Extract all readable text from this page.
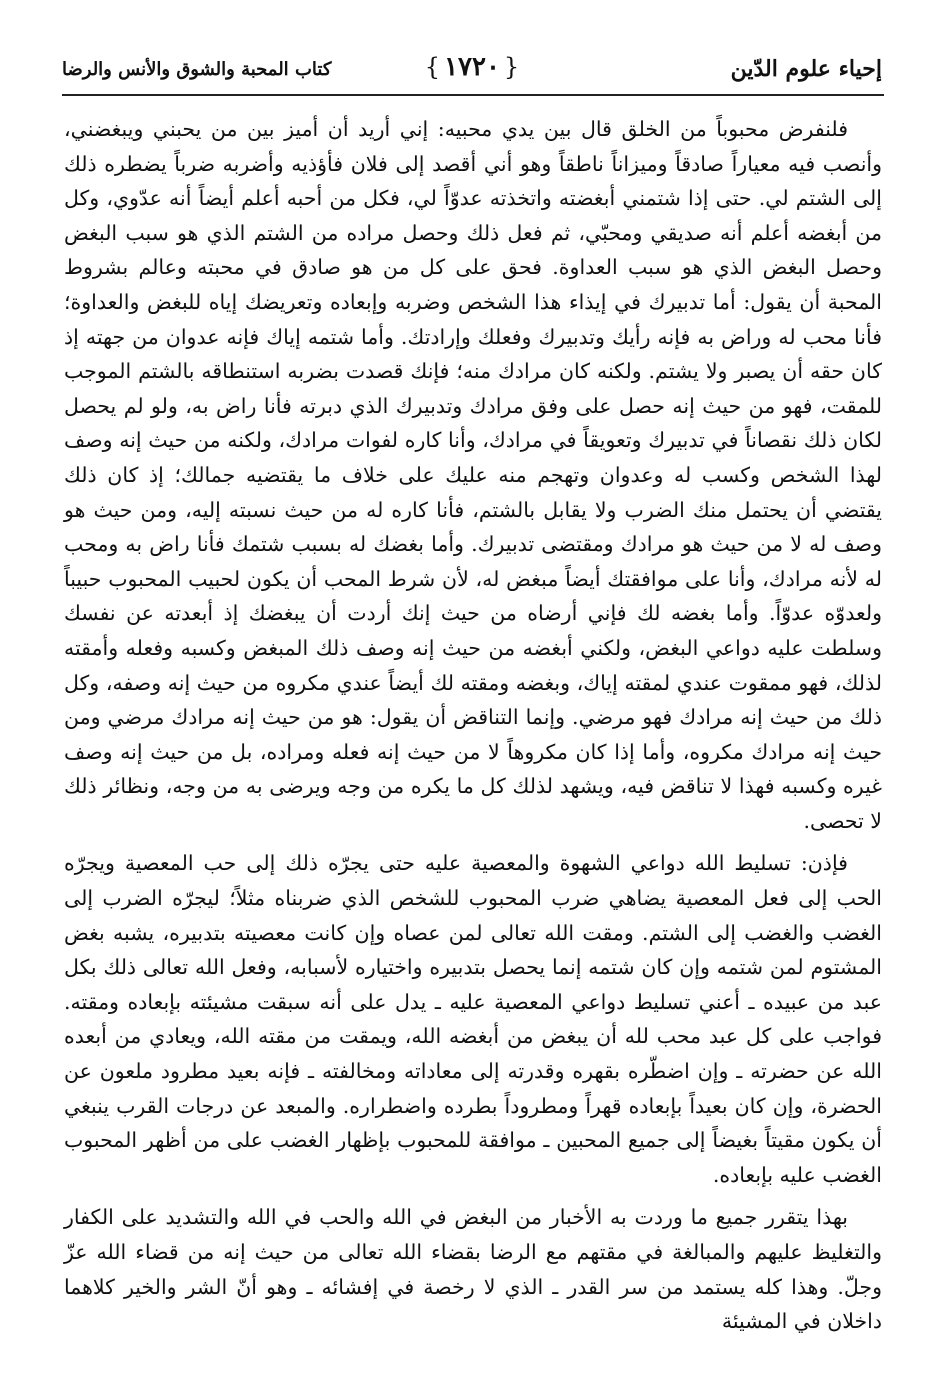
إحياء علوم الدّين
{ ١٧٢٠ }
كتاب المحبة والشوق والأنس والرضا

فلنفرض محبوباً من الخلق قال بين يدي محبيه: إني أريد أن أميز بين من يحبني ويبغضني، وأنصب فيه معياراً صادقاً وميزاناً ناطقاً وهو أني أقصد إلى فلان فأؤذيه وأضربه ضرباً يضطره ذلك إلى الشتم لي. حتى إذا شتمني أبغضته واتخذته عدوّاً لي، فكل من أحبه أعلم أيضاً أنه عدّوي، وكل من أبغضه أعلم أنه صديقي ومحبّي، ثم فعل ذلك وحصل مراده من الشتم الذي هو سبب البغض وحصل البغض الذي هو سبب العداوة. فحق على كل من هو صادق في محبته وعالم بشروط المحبة أن يقول: أما تدبيرك في إيذاء هذا الشخص وضربه وإبعاده وتعريضك إياه للبغض والعداوة؛ فأنا محب له وراض به فإنه رأيك وتدبيرك وفعلك وإرادتك. وأما شتمه إياك فإنه عدوان من جهته إذ كان حقه أن يصبر ولا يشتم. ولكنه كان مرادك منه؛ فإنك قصدت بضربه استنطاقه بالشتم الموجب للمقت، فهو من حيث إنه حصل على وفق مرادك وتدبيرك الذي دبرته فأنا راض به، ولو لم يحصل لكان ذلك نقصاناً في تدبيرك وتعويقاً في مرادك، وأنا كاره لفوات مرادك، ولكنه من حيث إنه وصف لهذا الشخص وكسب له وعدوان وتهجم منه عليك على خلاف ما يقتضيه جمالك؛ إذ كان ذلك يقتضي أن يحتمل منك الضرب ولا يقابل بالشتم، فأنا كاره له من حيث نسبته إليه، ومن حيث هو وصف له لا من حيث هو مرادك ومقتضى تدبيرك. وأما بغضك له بسبب شتمك فأنا راض به ومحب له لأنه مرادك، وأنا على موافقتك أيضاً مبغض له، لأن شرط المحب أن يكون لحبيب المحبوب حبيباً ولعدوّه عدوّاً. وأما بغضه لك فإني أرضاه من حيث إنك أردت أن يبغضك إذ أبعدته عن نفسك وسلطت عليه دواعي البغض، ولكني أبغضه من حيث إنه وصف ذلك المبغض وكسبه وفعله وأمقته لذلك، فهو ممقوت عندي لمقته إياك، وبغضه ومقته لك أيضاً عندي مكروه من حيث إنه وصفه، وكل ذلك من حيث إنه مرادك فهو مرضي. وإنما التناقض أن يقول: هو من حيث إنه مرادك مرضي ومن حيث إنه مرادك مكروه، وأما إذا كان مكروهاً لا من حيث إنه فعله ومراده، بل من حيث إنه وصف غيره وكسبه فهذا لا تناقض فيه، ويشهد لذلك كل ما يكره من وجه ويرضى به من وجه، ونظائر ذلك لا تحصى.

فإذن: تسليط الله دواعي الشهوة والمعصية عليه حتى يجرّه ذلك إلى حب المعصية ويجرّه الحب إلى فعل المعصية يضاهي ضرب المحبوب للشخص الذي ضربناه مثلاً؛ ليجرّه الضرب إلى الغضب والغضب إلى الشتم. ومقت الله تعالى لمن عصاه وإن كانت معصيته بتدبيره، يشبه بغض المشتوم لمن شتمه وإن كان شتمه إنما يحصل بتدبيره واختياره لأسبابه، وفعل الله تعالى ذلك بكل عبد من عبيده ـ أعني تسليط دواعي المعصية عليه ـ يدل على أنه سبقت مشيئته بإبعاده ومقته. فواجب على كل عبد محب لله أن يبغض من أبغضه الله، ويمقت من مقته الله، ويعادي من أبعده الله عن حضرته ـ وإن اضطّره بقهره وقدرته إلى معاداته ومخالفته ـ فإنه بعيد مطرود ملعون عن الحضرة، وإن كان بعيداً بإبعاده قهراً ومطروداً بطرده واضطراره. والمبعد عن درجات القرب ينبغي أن يكون مقيتاً بغيضاً إلى جميع المحبين ـ موافقة للمحبوب بإظهار الغضب على من أظهر المحبوب الغضب عليه بإبعاده.

بهذا يتقرر جميع ما وردت به الأخبار من البغض في الله والحب في الله والتشديد على الكفار والتغليظ عليهم والمبالغة في مقتهم مع الرضا بقضاء الله تعالى من حيث إنه من قضاء الله عزّ وجلّ. وهذا كله يستمد من سر القدر ـ الذي لا رخصة في إفشائه ـ وهو أنّ الشر والخير كلاهما داخلان في المشيئة
